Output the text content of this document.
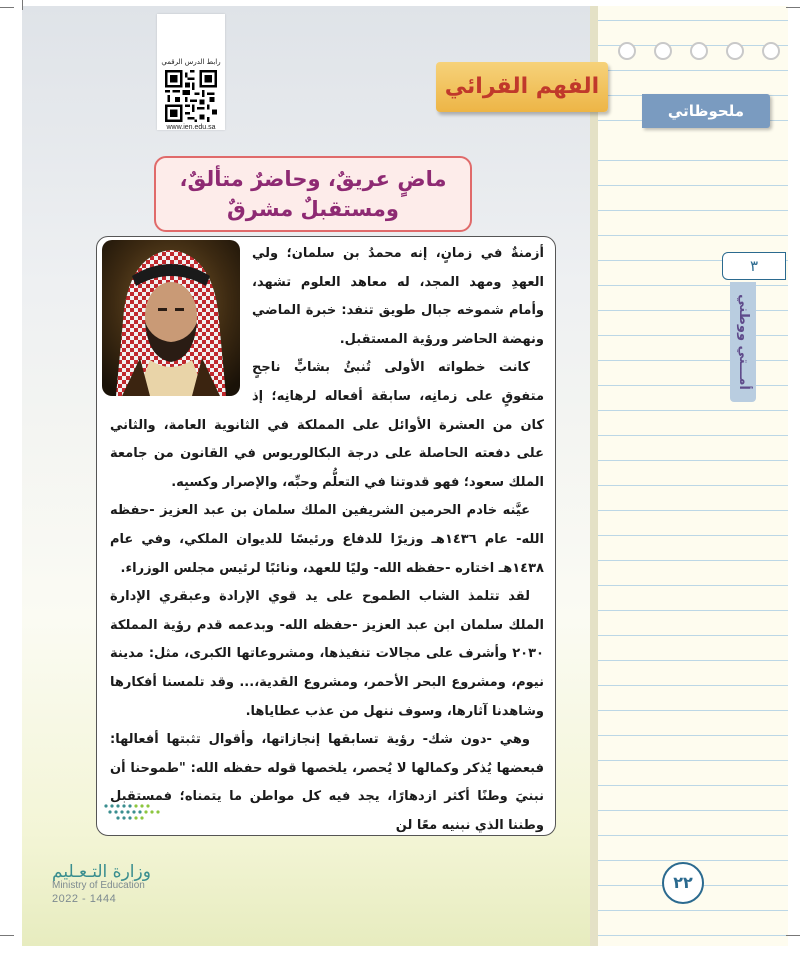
رابط الدرس الرقمي
www.ien.edu.sa
الفهم القرائي
ملحوظاتي
٣
أمـــتي ووطني
ماضٍ عريقٌ، وحاضرٌ متألقٌ،
ومستقبلٌ مشرقٌ

أزمنةٌ في زمانٍ، إنه محمدُ بن سلمان؛ ولي العهدِ ومهد المجد، له معاهد العلوم تشهد، وأمام شموخه جبال طويق تنفد: خبرة الماضي ونهضة الحاضر ورؤية المستقبل.

كانت خطواته الأولى تُنبئُ بشابٍّ ناجحٍ متفوقٍ على زمانِه، سابقة أفعاله لرهانِه؛ إذ كان من العشرة الأوائل على المملكة في الثانوية العامة، والثاني على دفعته الحاصلة على درجة البكالوريوس في القانون من جامعة الملك سعود؛ فهو قدوتنا في التعلُّم وحبِّه، والإصرار وكسبِه.

عيَّنه خادم الحرمين الشريفين الملك سلمان بن عبد العزيز -حفظه الله- عام ١٤٣٦هـ وزيرًا للدفاع ورئيسًا للديوان الملكي، وفي عام ١٤٣٨هـ اختاره -حفظه الله- وليًا للعهد، ونائبًا لرئيس مجلس الوزراء.

لقد تتلمذ الشاب الطموح على يد قوي الإرادة وعبقري الإدارة الملك سلمان ابن عبد العزيز -حفظه الله- وبدعمه قدم رؤية المملكة ٢٠٣٠ وأشرف على مجالات تنفيذها، ومشروعاتها الكبرى، مثل: مدينة نيوم، ومشروع البحر الأحمر، ومشروع القدية،... وقد تلمسنا أفكارها وشاهدنا آثارها، وسوف ننهل من عذب عطاياها.

وهي -دون شك- رؤية تسابقها إنجازاتها، وأقوال تثبتها أفعالها: فبعضها يُذكر وكمالها لا يُحصر، يلخصها قوله حفظه الله: "طموحنا أن نبنيَ وطنًا أكثر ازدهارًا، يجد فيه كل مواطن ما يتمناه؛ فمستقبل وطننا الذي نبنيه معًا لن

وزارة التـعـليم
Ministry of Education
2022 - 1444
٢٢
